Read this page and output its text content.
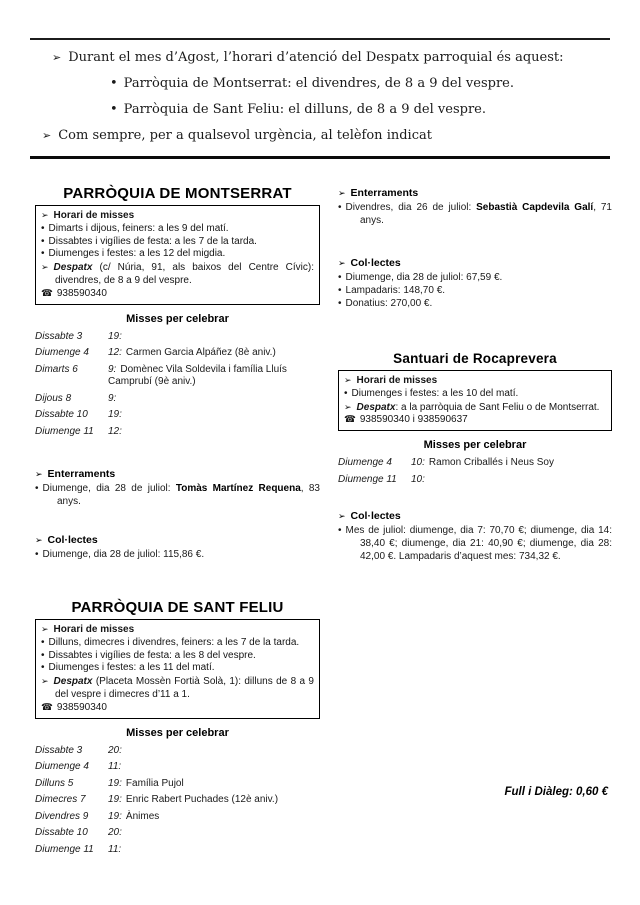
➢ Durant el mes d’Agost, l’horari d’atenció del Despatx parroquial és aquest:
• Parròquia de Montserrat: el divendres, de 8 a 9 del vespre.
• Parròquia de Sant Feliu: el dilluns, de 8 a 9 del vespre.
➢ Com sempre, per a qualsevol urgència, al telèfon indicat
PARRÒQUIA DE MONTSERRAT
➢ Horari de misses
• Dimarts i dijous, feiners: a les 9 del matí.
• Dissabtes i vigílies de festa: a les 7 de la tarda.
• Diumenges i festes: a les 12 del migdia.
➢ Despatx (c/ Núria, 91, als baixos del Centre Cívic): divendres, de 8 a 9 del vespre.
☎ 938590340
Misses per celebrar
Dissabte 3	19:
Diumenge 4	12: Carmen Garcia Alpáñez (8è aniv.)
Dimarts 6	9: Domènec Vila Soldevila i família Lluís Camprubí (9è aniv.)
Dijous 8	9:
Dissabte 10	19:
Diumenge 11	12:
➢ Enterraments
• Diumenge, dia 28 de juliol: Tomàs Martínez Requena, 83 anys.
➢ Col·lectes
• Diumenge, dia 28 de juliol: 115,86 €.
PARRÒQUIA DE SANT FELIU
➢ Horari de misses
• Dilluns, dimecres i divendres, feiners: a les 7 de la tarda.
• Dissabtes i vigílies de festa: a les 8 del vespre.
• Diumenges i festes: a les 11 del matí.
➢ Despatx (Placeta Mossèn Fortià Solà, 1): dilluns de 8 a 9 del vespre i dimecres d’11 a 1.
☎ 938590340
Misses per celebrar
Dissabte 3	20:
Diumenge 4	11:
Dilluns 5	19: Família Pujol
Dimecres 7	19: Enric Rabert Puchades (12è aniv.)
Divendres 9	19: Ànimes
Dissabte 10	20:
Diumenge 11	11:
➢ Enterraments
• Divendres, dia 26 de juliol: Sebastià Capdevila Galí, 71 anys.
➢ Col·lectes
• Diumenge, dia 28 de juliol: 67,59 €.
• Lampadaris: 148,70 €.
• Donatius: 270,00 €.
Santuari de Rocaprevera
➢ Horari de misses
• Diumenges i festes: a les 10 del matí.
➢ Despatx: a la parròquia de Sant Feliu o de Montserrat.
☎ 938590340 i 938590637
Misses per celebrar
Diumenge 4	10: Ramon Criballés i Neus Soy
Diumenge 11	10:
➢ Col·lectes
• Mes de juliol: diumenge, dia 7: 70,70 €; diumenge, dia 14: 38,40 €; diumenge, dia 21: 40,90 €; diumenge, dia 28: 42,00 €. Lampadaris d’aquest mes: 734,32 €.
Full i Diàleg: 0,60 €
